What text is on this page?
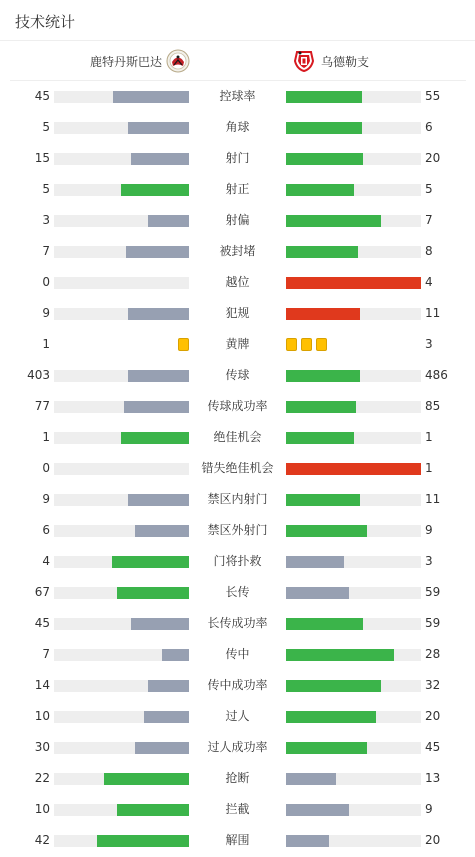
技术统计
鹿特丹斯巴达	乌德勒支
45	控球率	55
5	角球	6
15	射门	20
5	射正	5
3	射偏	7
7	被封堵	8
0	越位	4
9	犯规	11
1	黄牌	3
403	传球	486
77	传球成功率	85
1	绝佳机会	1
0	错失绝佳机会	1
9	禁区内射门	11
6	禁区外射门	9
4	门将扑救	3
67	长传	59
45	长传成功率	59
7	传中	28
14	传中成功率	32
10	过人	20
30	过人成功率	45
22	抢断	13
10	拦截	9
42	解围	20
